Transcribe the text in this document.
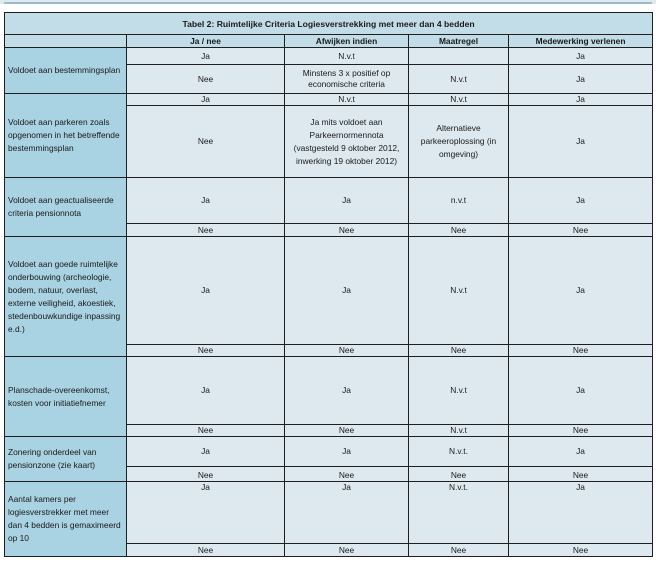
Tabel 2: Ruimtelijke Criteria Logiesverstrekking met meer dan 4 bedden				
	Ja / nee	Afwijken indien	Maatregel	Medewerking verlenen
Voldoet aan bestemmingsplan	Ja	N.v.t		Ja
	Nee	Minstens 3 x positief op economische criteria	N.v.t	Ja
Voldoet aan parkeren zoals opgenomen in het betreffende bestemmingsplan	Ja	N.v.t	N.v.t	Ja
	Nee	Ja mits voldoet aan Parkeernormennota (vastgesteld 9 oktober 2012, inwerking 19 oktober 2012)	Alternatieve parkeeroplossing (in omgeving)	Ja
Voldoet aan geactualiseerde criteria pensionnota	Ja	Ja	n.v.t	Ja
	Nee	Nee	Nee	Nee
Voldoet aan goede ruimtelijke onderbouwing (archeologie, bodem, natuur, overlast, externe veiligheid, akoestiek, stedenbouwkundige inpassing e.d.)	Ja	Ja	N.v.t	Ja
	Nee	Nee	Nee	Nee
Planschade-overeenkomst, kosten voor initiatiefnemer	Ja	Ja	N.v.t	Ja
	Nee	Nee	N.v.t	Nee
Zonering onderdeel van pensionzone (zie kaart)	Ja	Ja	N.v.t.	Ja
	Nee	Nee	Nee	Nee
Aantal kamers per logiesverstrekker met meer dan 4 bedden is gemaximeerd op 10	Ja	Ja	N.v.t.	Ja
	Nee	Nee	Nee	Nee
